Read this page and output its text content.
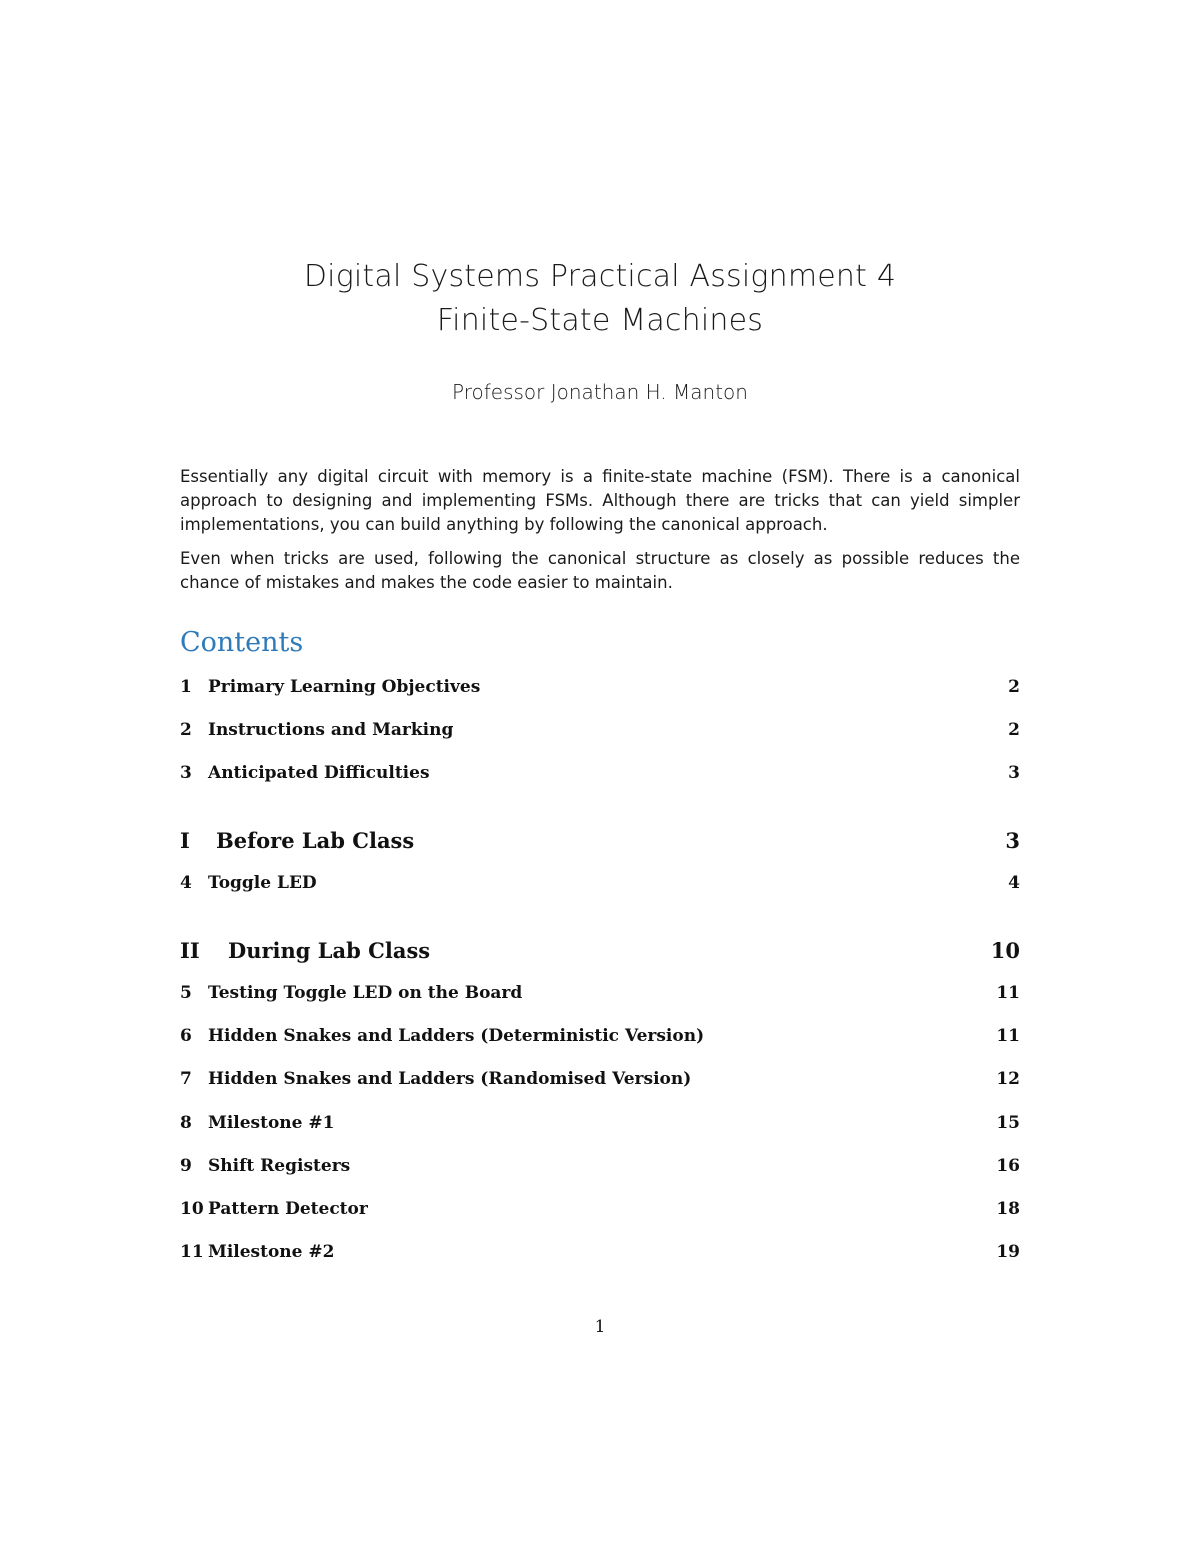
Digital Systems Practical Assignment 4
Finite-State Machines
Professor Jonathan H. Manton

Essentially any digital circuit with memory is a finite-state machine (FSM). There is a canonical approach to designing and implementing FSMs. Although there are tricks that can yield simpler implementations, you can build anything by following the canonical approach.

Even when tricks are used, following the canonical structure as closely as possible reduces the chance of mistakes and makes the code easier to maintain.

Contents
1 Primary Learning Objectives	2
2 Instructions and Marking	2
3 Anticipated Difficulties	3
I	Before Lab Class	3
4 Toggle LED	4
II	During Lab Class	10
5 Testing Toggle LED on the Board	11
6 Hidden Snakes and Ladders (Deterministic Version)	11
7 Hidden Snakes and Ladders (Randomised Version)	12
8 Milestone #1	15
9 Shift Registers	16
10 Pattern Detector	18
11 Milestone #2	19
1
